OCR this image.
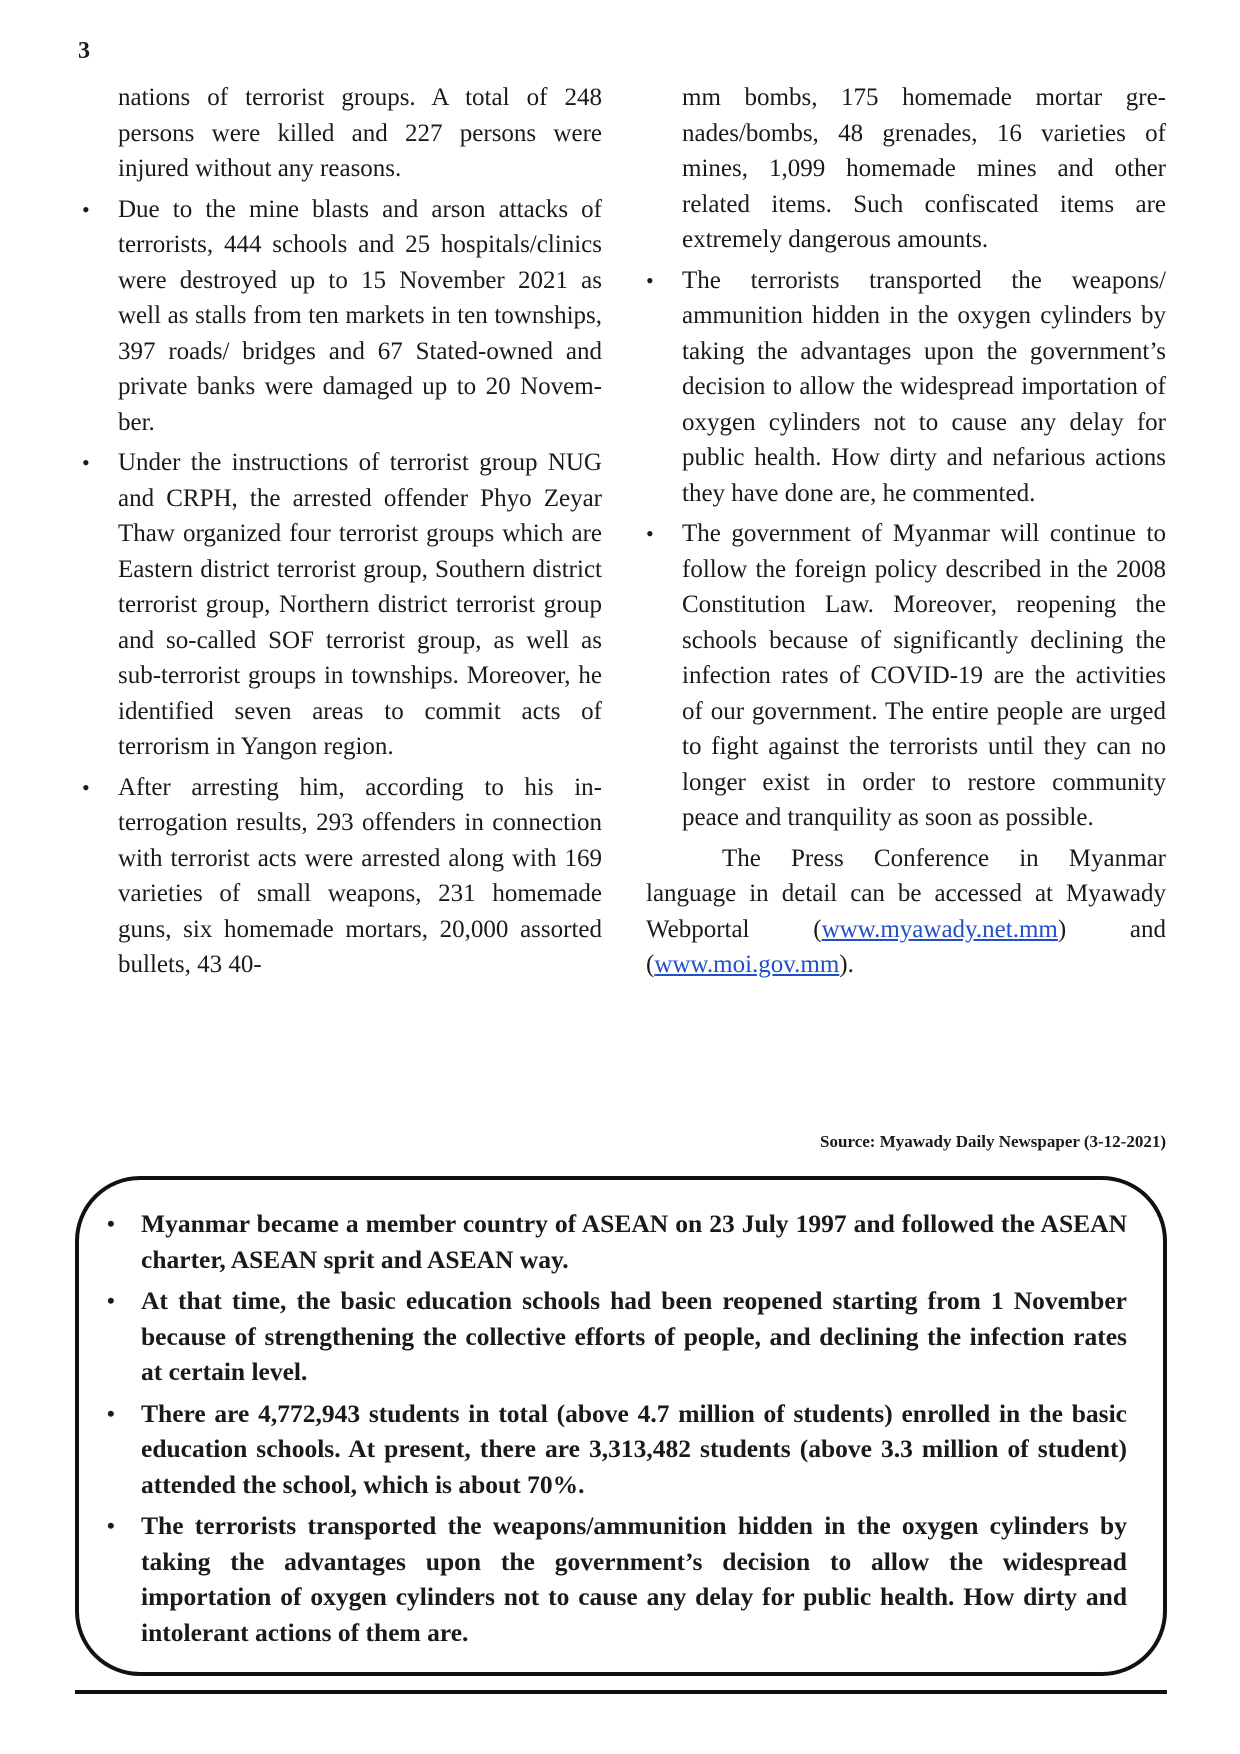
3
nations of terrorist groups. A total of 248 persons were killed and 227 persons were injured without any reasons.
• Due to the mine blasts and arson attacks of terrorists, 444 schools and 25 hospitals/clinics were destroyed up to 15 November 2021 as well as stalls from ten markets in ten townships, 397 roads/ bridges and 67 Stated-owned and private banks were damaged up to 20 November.
• Under the instructions of terrorist group NUG and CRPH, the arrested offender Phyo Zeyar Thaw organized four terrorist groups which are Eastern district terrorist group, Southern district terrorist group, Northern district terrorist group and so-called SOF terrorist group, as well as sub-terrorist groups in townships. Moreover, he identified seven areas to commit acts of terrorism in Yangon region.
• After arresting him, according to his interrogation results, 293 offenders in connection with terrorist acts were arrested along with 169 varieties of small weapons, 231 homemade guns, six homemade mortars, 20,000 assorted bullets, 43 40-
mm bombs, 175 homemade mortar grenades/bombs, 48 grenades, 16 varieties of mines, 1,099 homemade mines and other related items. Such confiscated items are extremely dangerous amounts.
• The terrorists transported the weapons/ ammunition hidden in the oxygen cylinders by taking the advantages upon the government’s decision to allow the widespread importation of oxygen cylinders not to cause any delay for public health. How dirty and nefarious actions they have done are, he commented.
• The government of Myanmar will continue to follow the foreign policy described in the 2008 Constitution Law. Moreover, reopening the schools because of significantly declining the infection rates of COVID-19 are the activities of our government. The entire people are urged to fight against the terrorists until they can no longer exist in order to restore community peace and tranquility as soon as possible.

The Press Conference in Myanmar language in detail can be accessed at Myawady Webportal (www.myawady.net.mm) and (www.moi.gov.mm).

Source: Myawady Daily Newspaper (3-12-2021)
• Myanmar became a member country of ASEAN on 23 July 1997 and followed the ASEAN charter, ASEAN sprit and ASEAN way.
• At that time, the basic education schools had been reopened starting from 1 November because of strengthening the collective efforts of people, and declining the infection rates at certain level.
• There are 4,772,943 students in total (above 4.7 million of students) enrolled in the basic education schools. At present, there are 3,313,482 students (above 3.3 million of student) attended the school, which is about 70%.
• The terrorists transported the weapons/ammunition hidden in the oxygen cylinders by taking the advantages upon the government’s decision to allow the widespread importation of oxygen cylinders not to cause any delay for public health. How dirty and intolerant actions of them are.
